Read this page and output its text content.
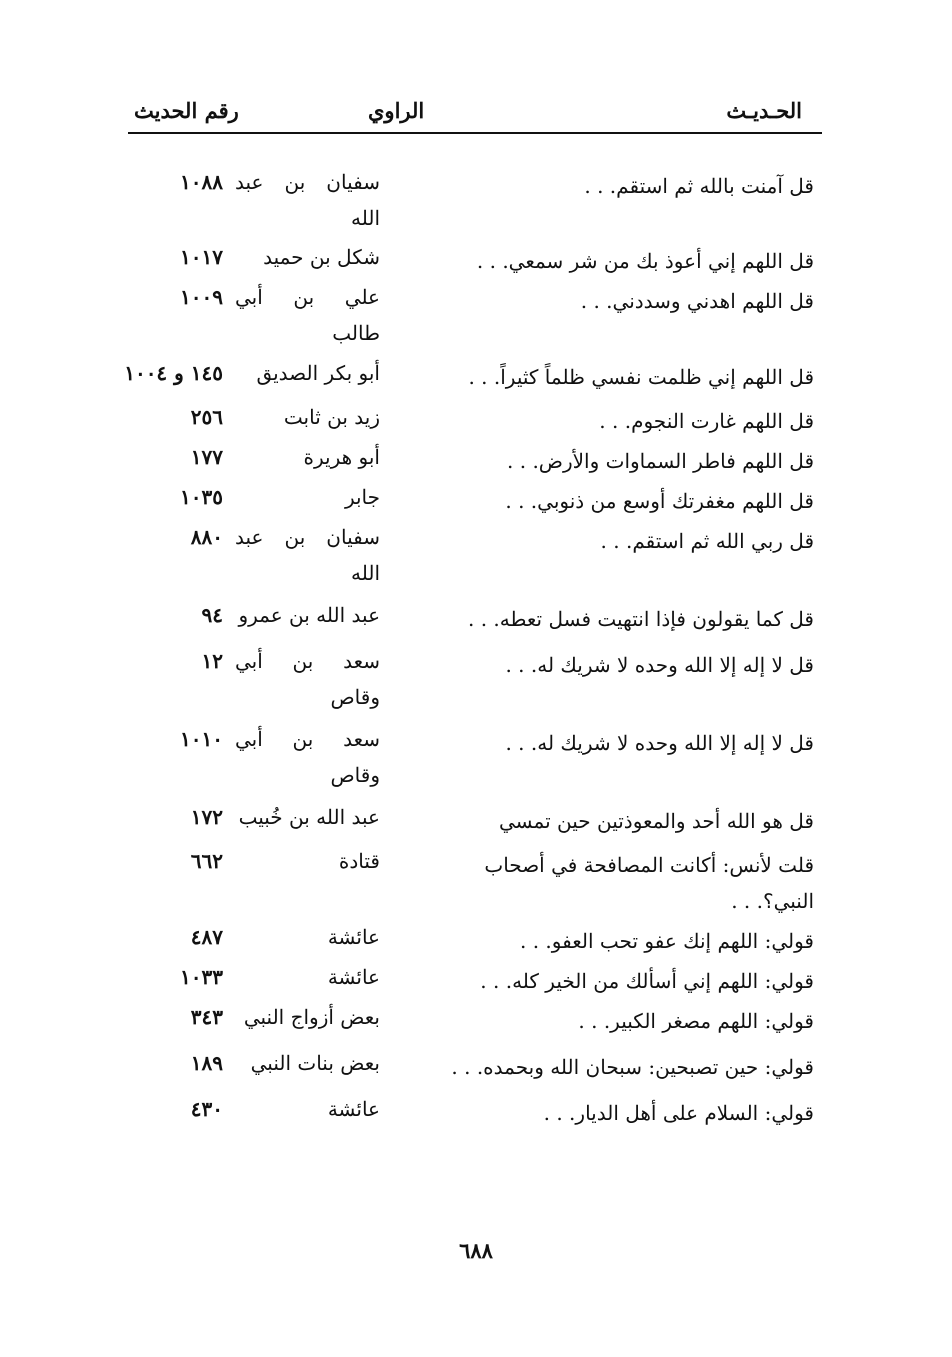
الحـديـث
الراوي
رقم الحديث
قل آمنت بالله ثم استقم. . .
سفيان بن عبد الله
١٠٨٨
قل اللهم إني أعوذ بك من شر سمعي. . .
شكل بن حميد
١٠١٧
قل اللهم اهدني وسددني. . .
علي بن أبي طالب
١٠٠٩
قل اللهم إني ظلمت نفسي ظلماً كثيراً. . .
أبو بكر الصديق
١٤٥ و ١٠٠٤
قل اللهم غارت النجوم. . .
زيد بن ثابت
٢٥٦
قل اللهم فاطر السماوات والأرض. . .
أبو هريرة
١٧٧
قل اللهم مغفرتك أوسع من ذنوبي. . .
جابر
١٠٣٥
قل ربي الله ثم استقم. . .
سفيان بن عبد الله
٨٨٠
قل كما يقولون فإذا انتهيت فسل تعطه. . .
عبد الله بن عمرو
٩٤
قل لا إله إلا الله وحده لا شريك له. . .
سعد بن أبي وقاص
١٢
قل لا إله إلا الله وحده لا شريك له. . .
سعد بن أبي وقاص
١٠١٠
قل هو الله أحد والمعوذتين حين تمسي
عبد الله بن خُبيب
١٧٢
قلت لأنس: أكانت المصافحة في أصحاب النبي؟. . .
قتادة
٦٦٢
قولي: اللهم إنك عفو تحب العفو. . .
عائشة
٤٨٧
قولي: اللهم إني أسألك من الخير كله. . .
عائشة
١٠٣٣
قولي: اللهم مصغر الكبير. . .
بعض أزواج النبي
٣٤٣
قولي: حين تصبحين: سبحان الله وبحمده. . .
بعض بنات النبي
١٨٩
قولي: السلام على أهل الديار. . .
عائشة
٤٣٠
٦٨٨
